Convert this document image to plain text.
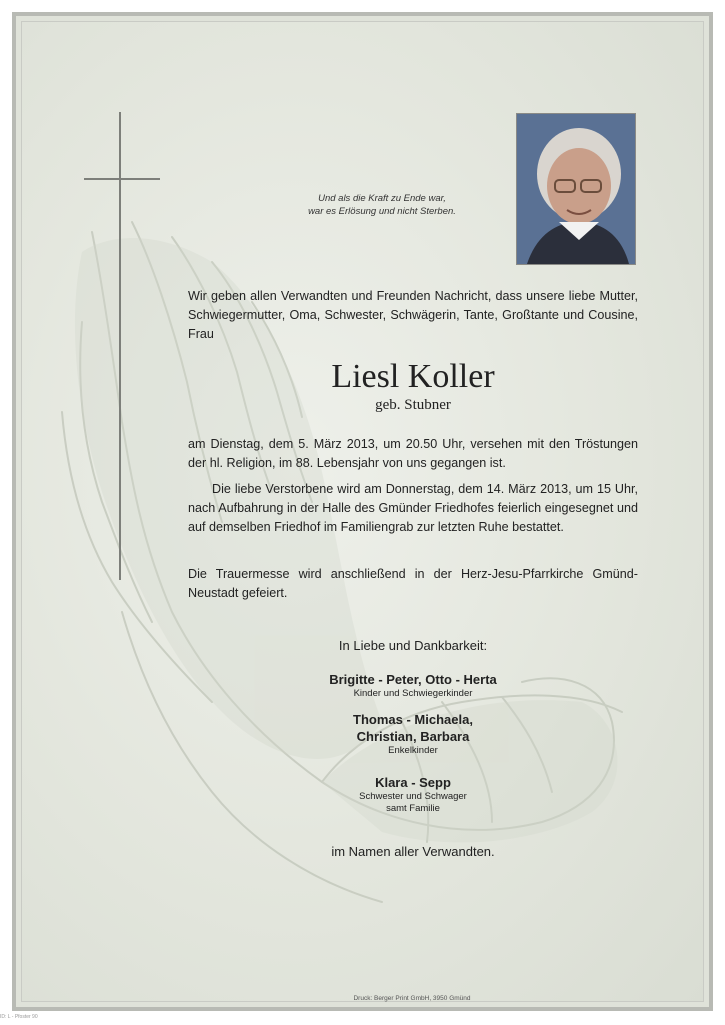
Und als die Kraft zu Ende war,
war es Erlösung und nicht Sterben.
Wir geben allen Verwandten und Freunden Nachricht, dass unsere liebe Mutter, Schwiegermutter, Oma, Schwester, Schwägerin, Tante, Großtante und Cousine, Frau
Liesl Koller
geb. Stubner
am Dienstag, dem 5. März 2013, um 20.50 Uhr, versehen mit den Tröstungen der hl. Religion, im 88. Lebensjahr von uns gegangen ist.
Die liebe Verstorbene wird am Donnerstag, dem 14. März 2013, um 15 Uhr, nach Aufbahrung in der Halle des Gmünder Friedhofes feierlich eingesegnet und auf demselben Friedhof im Familiengrab zur letzten Ruhe bestattet.
Die Trauermesse wird anschließend in der Herz-Jesu-Pfarrkirche Gmünd-Neustadt gefeiert.
In Liebe und Dankbarkeit:
Brigitte - Peter, Otto - Herta
Kinder und Schwiegerkinder
Thomas - Michaela,
Christian, Barbara
Enkelkinder
Klara - Sepp
Schwester und Schwager
samt Familie
im Namen aller Verwandten.
Druck: Berger Print GmbH, 3950 Gmünd
ID: L - Pfoster 90
